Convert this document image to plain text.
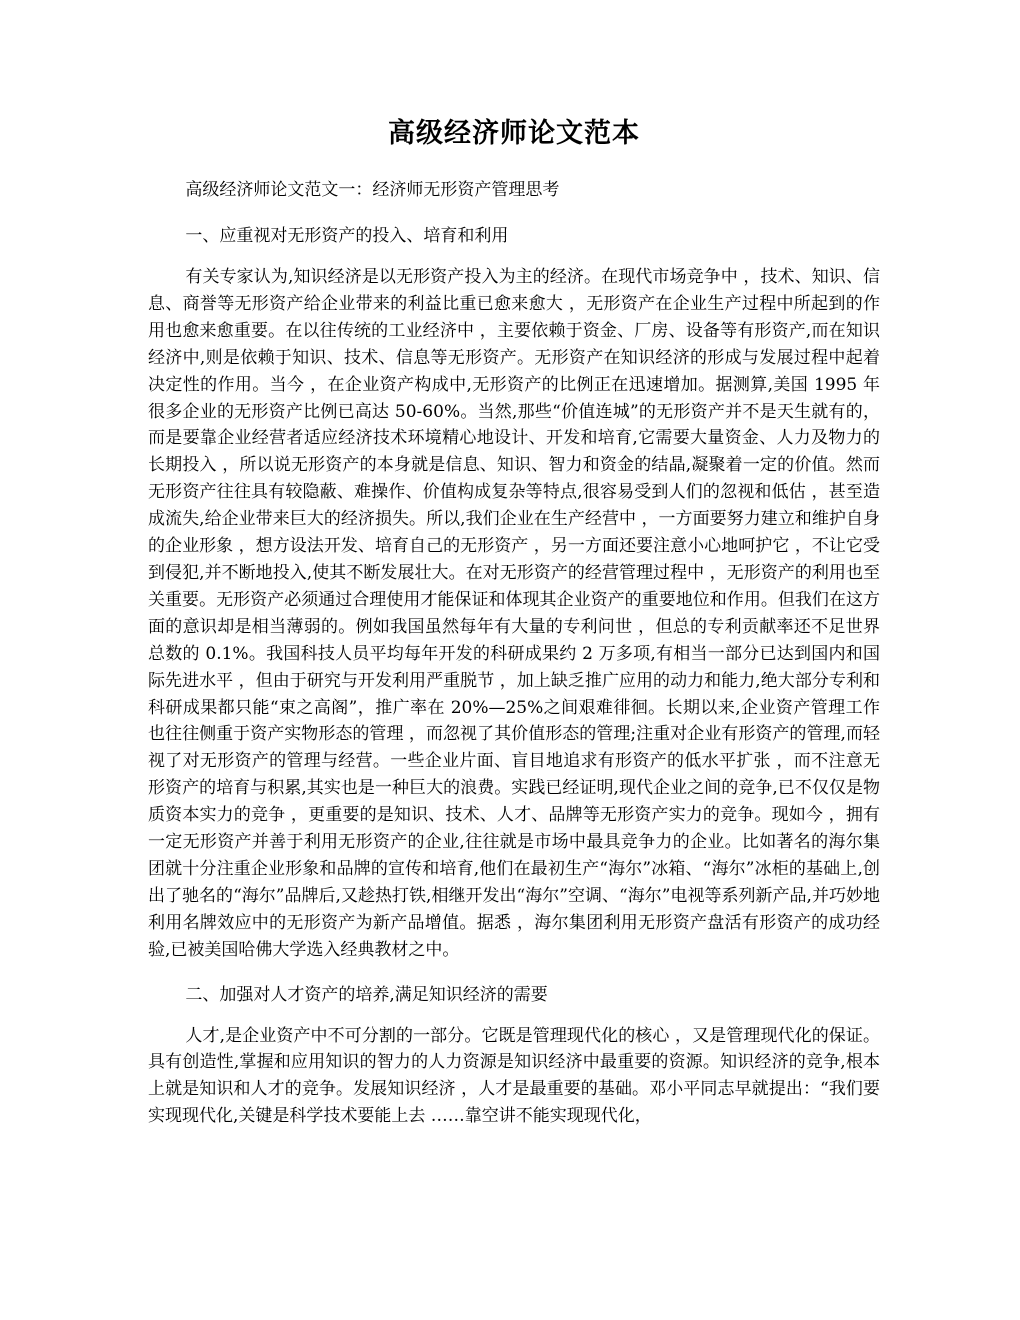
高级经济师论文范本

高级经济师论文范文一：经济师无形资产管理思考

一、应重视对无形资产的投入、培育和利用

有关专家认为,知识经济是以无形资产投入为主的经济。在现代市场竞争中 ，技术、知识、信息、商誉等无形资产给企业带来的利益比重已愈来愈大 ，无形资产在企业生产过程中所起到的作用也愈来愈重要。在以往传统的工业经济中 ，主要依赖于资金、厂房、设备等有形资产,而在知识经济中,则是依赖于知识、技术、信息等无形资产。无形资产在知识经济的形成与发展过程中起着决定性的作用。当今 ，在企业资产构成中,无形资产的比例正在迅速增加。据测算,美国 1995 年很多企业的无形资产比例已高达 50-60%。当然,那些“价值连城”的无形资产并不是天生就有的，而是要靠企业经营者适应经济技术环境精心地设计、开发和培育,它需要大量资金、人力及物力的长期投入 ，所以说无形资产的本身就是信息、知识、智力和资金的结晶,凝聚着一定的价值。然而无形资产往往具有较隐蔽、难操作、价值构成复杂等特点,很容易受到人们的忽视和低估 ，甚至造成流失,给企业带来巨大的经济损失。所以,我们企业在生产经营中 ，一方面要努力建立和维护自身的企业形象 ，想方设法开发、培育自己的无形资产 ，另一方面还要注意小心地呵护它 ，不让它受到侵犯,并不断地投入,使其不断发展壮大。在对无形资产的经营管理过程中 ，无形资产的利用也至关重要。无形资产必须通过合理使用才能保证和体现其企业资产的重要地位和作用。但我们在这方面的意识却是相当薄弱的。例如我国虽然每年有大量的专利问世 ，但总的专利贡献率还不足世界总数的 0.1%。我国科技人员平均每年开发的科研成果约 2 万多项,有相当一部分已达到国内和国际先进水平 ，但由于研究与开发利用严重脱节 ，加上缺乏推广应用的动力和能力,绝大部分专利和科研成果都只能“束之高阁”，推广率在 20%—25%之间艰难徘徊。长期以来,企业资产管理工作也往往侧重于资产实物形态的管理 ，而忽视了其价值形态的管理;注重对企业有形资产的管理,而轻视了对无形资产的管理与经营。一些企业片面、盲目地追求有形资产的低水平扩张 ，而不注意无形资产的培育与积累,其实也是一种巨大的浪费。实践已经证明,现代企业之间的竞争,已不仅仅是物质资本实力的竞争 ，更重要的是知识、技术、人才、品牌等无形资产实力的竞争。现如今 ，拥有一定无形资产并善于利用无形资产的企业,往往就是市场中最具竞争力的企业。比如著名的海尔集团就十分注重企业形象和品牌的宣传和培育,他们在最初生产“海尔”冰箱、“海尔”冰柜的基础上,创出了驰名的“海尔”品牌后,又趁热打铁,相继开发出“海尔”空调、“海尔”电视等系列新产品,并巧妙地利用名牌效应中的无形资产为新产品增值。据悉 ，海尔集团利用无形资产盘活有形资产的成功经验,已被美国哈佛大学选入经典教材之中。

二、加强对人才资产的培养,满足知识经济的需要

人才,是企业资产中不可分割的一部分。它既是管理现代化的核心 ，又是管理现代化的保证。具有创造性,掌握和应用知识的智力的人力资源是知识经济中最重要的资源。知识经济的竞争,根本上就是知识和人才的竞争。发展知识经济 ，人才是最重要的基础。邓小平同志早就提出：“我们要实现现代化,关键是科学技术要能上去 ……靠空讲不能实现现代化，
